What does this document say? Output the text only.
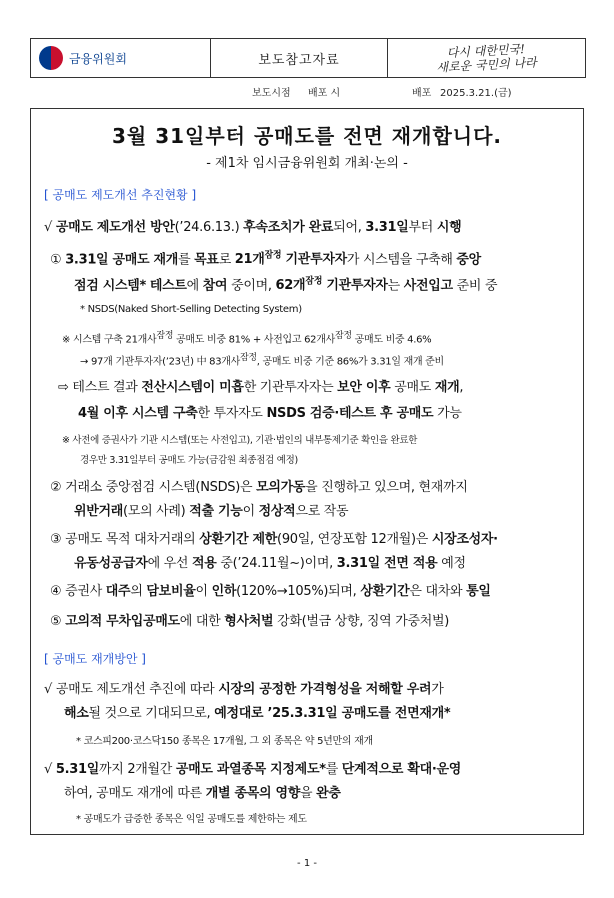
금융위원회	보도참고자료	다시 대한민국!
새로운 국민의 나라
보도시점 배포 시	배포 2025.3.21.(금)
3월 31일부터 공매도를 전면 재개합니다.
- 제1차 임시금융위원회 개최·논의 -
[ 공매도 제도개선 추진현황 ]
√ 공매도 제도개선 방안(’24.6.13.) 후속조치가 완료되어, 3.31일부터 시행
① 3.31일 공매도 재개를 목표로 21개$^{잠정}$ 기관투자자가 시스템을 구축해 중앙
점검 시스템* 테스트에 참여 중이며, 62개$^{잠정}$ 기관투자자는 사전입고 준비 중
* NSDS(Naked Short-Selling Detecting System)
※ 시스템 구축 21개사$^{잠정}$ 공매도 비중 81% + 사전입고 62개사$^{잠정}$ 공매도 비중 4.6%
→ 97개 기관투자자(’23년) 中 83개사$^{잠정}$, 공매도 비중 기준 86%가 3.31일 재개 준비
⇨ 테스트 결과 전산시스템이 미흡한 기관투자자는 보안 이후 공매도 재개,
4월 이후 시스템 구축한 투자자도 NSDS 검증·테스트 후 공매도 가능
※ 사전에 증권사가 기관 시스템(또는 사전입고), 기관·법인의 내부통제기준 확인을 완료한
경우만 3.31일부터 공매도 가능(금감원 최종점검 예정)
② 거래소 중앙점검 시스템(NSDS)은 모의가동을 진행하고 있으며, 현재까지
위반거래(모의 사례) 적출 기능이 정상적으로 작동
③ 공매도 목적 대차거래의 상환기간 제한(90일, 연장포함 12개월)은 시장조성자·
유동성공급자에 우선 적용 중(’24.11월~)이며, 3.31일 전면 적용 예정
④ 증권사 대주의 담보비율이 인하(120%→105%)되며, 상환기간은 대차와 통일
⑤ 고의적 무차입공매도에 대한 형사처벌 강화(벌금 상향, 징역 가중처벌)
[ 공매도 재개방안 ]
√ 공매도 제도개선 추진에 따라 시장의 공정한 가격형성을 저해할 우려가
해소될 것으로 기대되므로, 예정대로 ’25.3.31일 공매도를 전면재개*
* 코스피200·코스닥150 종목은 17개월, 그 외 종목은 약 5년만의 재개
√ 5.31일까지 2개월간 공매도 과열종목 지정제도*를 단계적으로 확대·운영
하여, 공매도 재개에 따른 개별 종목의 영향을 완충
* 공매도가 급증한 종목은 익일 공매도를 제한하는 제도
- 1 -
